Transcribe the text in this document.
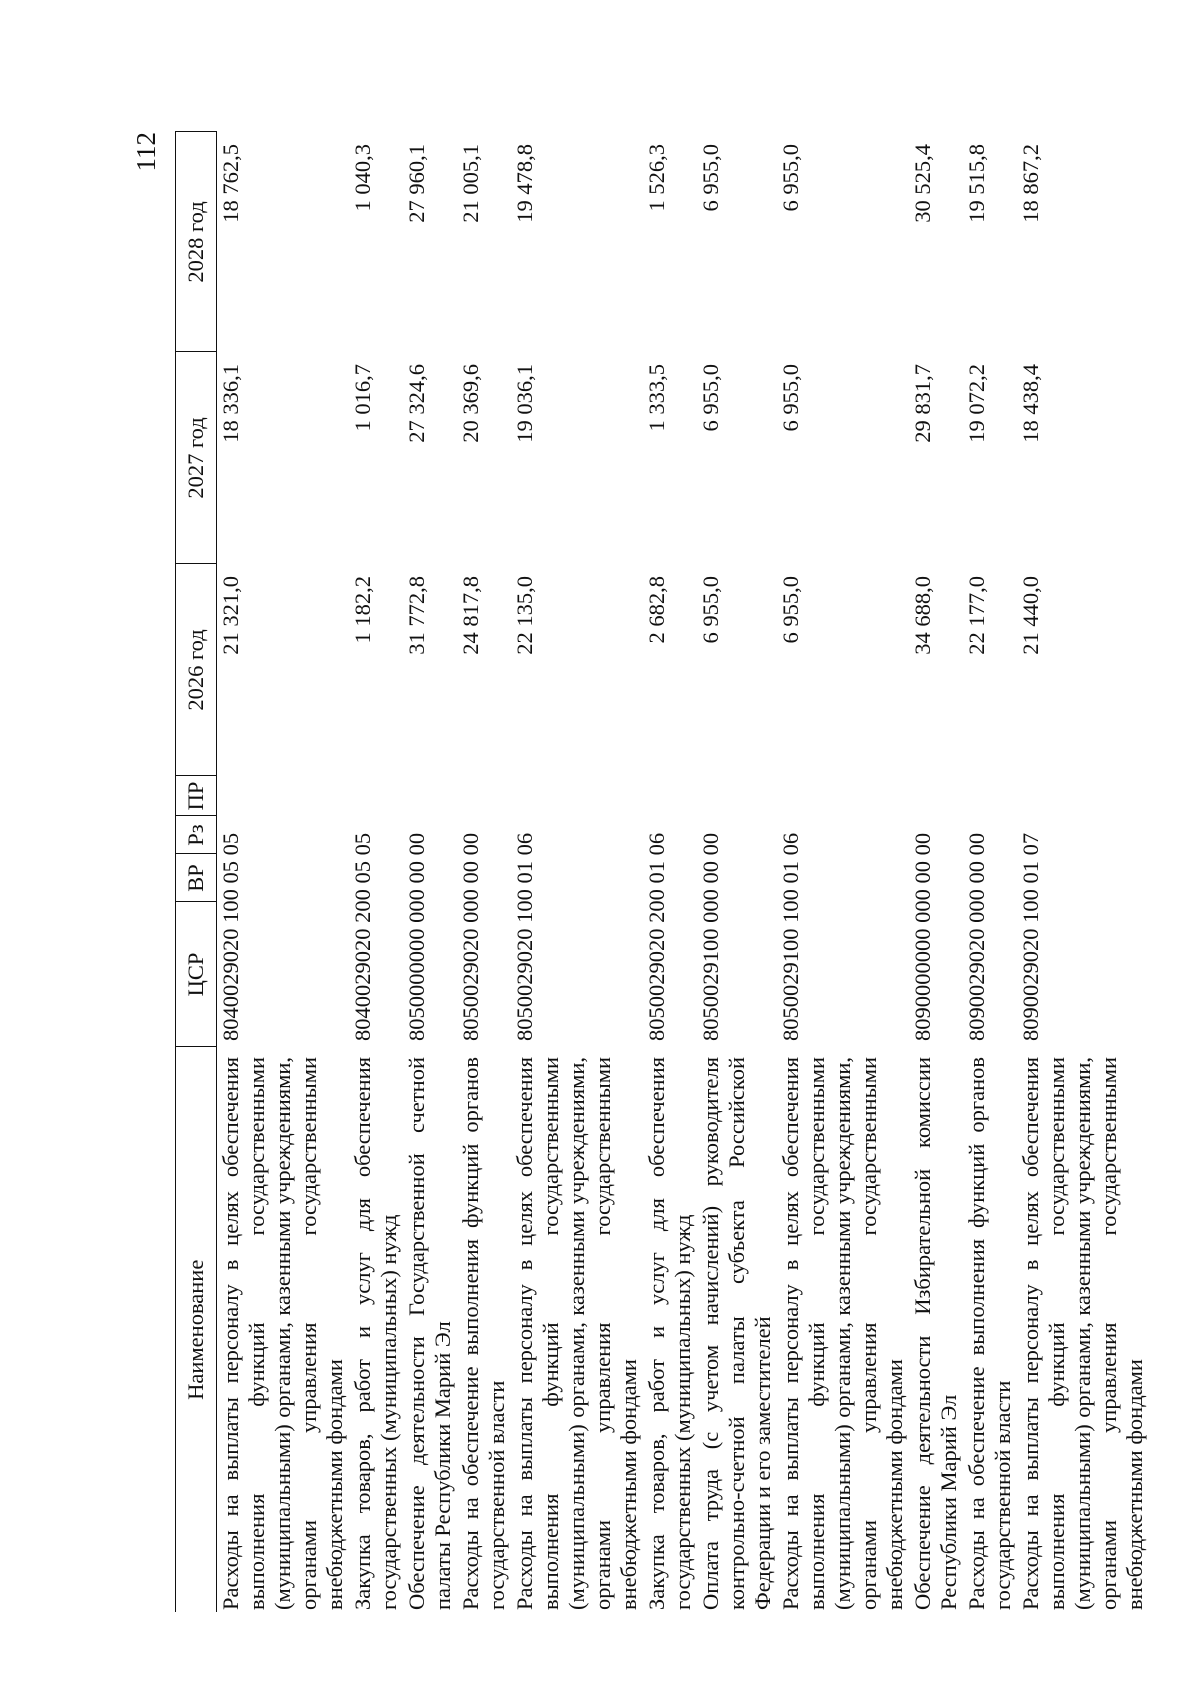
112
Наименование	ЦСР	ВР	Рз	ПР	2026 год	2027 год	2028 год
Расходы на выплаты персоналу в целях обеспечения выполнения функций государственными (муниципальными) органами, казенными учреждениями, органами управления государственными внебюджетными фондами	8040029020 100 05 05				21 321,0	18 336,1	18 762,5
Закупка товаров, работ и услуг для обеспечения государственных (муниципальных) нужд	8040029020 200 05 05				1 182,2	1 016,7	1 040,3
Обеспечение деятельности Государственной счетной палаты Республики Марий Эл	8050000000 000 00 00				31 772,8	27 324,6	27 960,1
Расходы на обеспечение выполнения функций органов государственной власти	8050029020 000 00 00				24 817,8	20 369,6	21 005,1
Расходы на выплаты персоналу в целях обеспечения выполнения функций государственными (муниципальными) органами, казенными учреждениями, органами управления государственными внебюджетными фондами	8050029020 100 01 06				22 135,0	19 036,1	19 478,8
Закупка товаров, работ и услуг для обеспечения государственных (муниципальных) нужд	8050029020 200 01 06				2 682,8	1 333,5	1 526,3
Оплата труда (с учетом начислений) руководителя контрольно-счетной палаты субъекта Российской Федерации и его заместителей	8050029100 000 00 00				6 955,0	6 955,0	6 955,0
Расходы на выплаты персоналу в целях обеспечения выполнения функций государственными (муниципальными) органами, казенными учреждениями, органами управления государственными внебюджетными фондами	8050029100 100 01 06				6 955,0	6 955,0	6 955,0
Обеспечение деятельности Избирательной комиссии Республики Марий Эл	8090000000 000 00 00				34 688,0	29 831,7	30 525,4
Расходы на обеспечение выполнения функций органов государственной власти	8090029020 000 00 00				22 177,0	19 072,2	19 515,8
Расходы на выплаты персоналу в целях обеспечения выполнения функций государственными (муниципальными) органами, казенными учреждениями, органами управления государственными внебюджетными фондами	8090029020 100 01 07				21 440,0	18 438,4	18 867,2
